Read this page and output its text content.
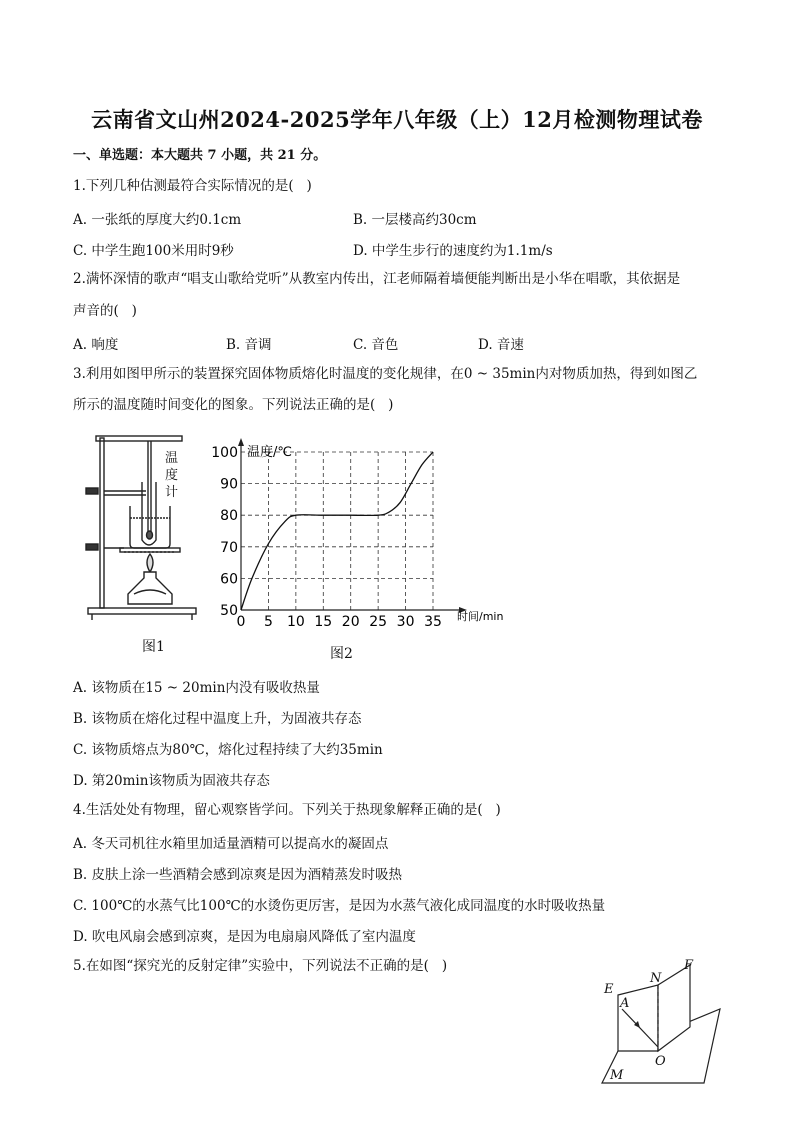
云南省文山州2024-2025学年八年级（上）12月检测物理试卷
一、单选题：本大题共 7 小题，共 21 分。
1.下列几种估测最符合实际情况的是(   )
A. 一张纸的厚度大约0.1cm	B. 一层楼高约30cm
C. 中学生跑100米用时9秒	D. 中学生步行的速度约为1.1m/s
2.满怀深情的歌声“唱支山歌给党听”从教室内传出，江老师隔着墙便能判断出是小华在唱歌，其依据是
声音的(   )
A. 响度	B. 音调	C. 音色	D. 音速
3.利用如图甲所示的装置探究固体物质熔化时温度的变化规律，在0 ~ 35min内对物质加热，得到如图乙
所示的温度随时间变化的图象。下列说法正确的是(   )
图1
温
度
计
0 5 10 15 20 25 30 35
50
60
70
80
90
100 温度/℃
时间/min
图2
A. 该物质在15 ~ 20min内没有吸收热量
B. 该物质在熔化过程中温度上升，为固液共存态
C. 该物质熔点为80℃，熔化过程持续了大约35min
D. 第20min该物质为固液共存态
4.生活处处有物理，留心观察皆学问。下列关于热现象解释正确的是(   )
A. 冬天司机往水箱里加适量酒精可以提高水的凝固点
B. 皮肤上涂一些酒精会感到凉爽是因为酒精蒸发时吸热
C. 100℃的水蒸气比100℃的水烫伤更厉害，是因为水蒸气液化成同温度的水时吸收热量
D. 吹电风扇会感到凉爽，是因为电扇扇风降低了室内温度
5.在如图“探究光的反射定律”实验中，下列说法不正确的是(   )
E
A
N
F
O
M
